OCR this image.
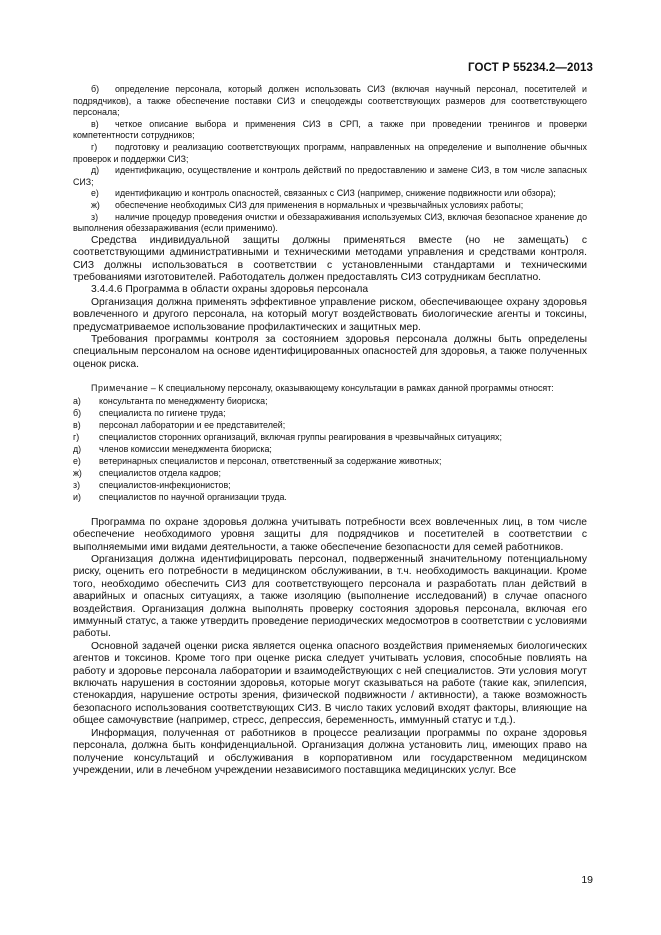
ГОСТ Р 55234.2—2013

б) определение персонала, который должен использовать СИЗ (включая научный персонал, посетителей и подрядчиков), а также обеспечение поставки СИЗ и спецодежды соответствующих размеров для соответствующего персонала;

в) четкое описание выбора и применения СИЗ в СРП, а также при проведении тренингов и проверки компетентности сотрудников;

г) подготовку и реализацию соответствующих программ, направленных на определение и выполнение обычных проверок и поддержки СИЗ;

д) идентификацию, осуществление и контроль действий по предоставлению и замене СИЗ, в том числе запасных СИЗ;

е) идентификацию и контроль опасностей, связанных с СИЗ (например, снижение подвижности или обзора);

ж) обеспечение необходимых СИЗ для применения в нормальных и чрезвычайных условиях работы;

з) наличие процедур проведения очистки и обеззараживания используемых СИЗ, включая безопасное хранение до выполнения обеззараживания (если применимо).

Средства индивидуальной защиты должны применяться вместе (но не замещать) с соответствующими административными и техническими методами управления и средствами контроля. СИЗ должны использоваться в соответствии с установленными стандартами и техническими требованиями изготовителей. Работодатель должен предоставлять СИЗ сотрудникам бесплатно.

3.4.4.6 Программа в области охраны здоровья персонала

Организация должна применять эффективное управление риском, обеспечивающее охрану здоровья вовлеченного и другого персонала, на который могут воздействовать биологические агенты и токсины, предусматриваемое использование профилактических и защитных мер.

Требования программы контроля за состоянием здоровья персонала должны быть определены специальным персоналом на основе идентифицированных опасностей для здоровья, а также полученных оценок риска.

Примечание – К специальному персоналу, оказывающему консультации в рамках данной программы относят:

а)	консультанта по менеджменту биориска;
б)	специалиста по гигиене труда;
в)	персонал лаборатории и ее представителей;
г)	специалистов сторонних организаций, включая группы реагирования в чрезвычайных ситуациях;
д)	членов комиссии менеджмента биориска;
е)	ветеринарных специалистов и персонал, ответственный за содержание животных;
ж)	специалистов отдела кадров;
з)	специалистов-инфекционистов;
и)	специалистов по научной организации труда.

Программа по охране здоровья должна учитывать потребности всех вовлеченных лиц, в том числе обеспечение необходимого уровня защиты для подрядчиков и посетителей в соответствии с выполняемыми ими видами деятельности, а также обеспечение безопасности для семей работников.

Организация должна идентифицировать персонал, подверженный значительному потенциальному риску, оценить его потребности в медицинском обслуживании, в т.ч. необходимость вакцинации. Кроме того, необходимо обеспечить СИЗ для соответствующего персонала и разработать план действий в аварийных и опасных ситуациях, а также изоляцию (выполнение исследований) в случае опасного воздействия. Организация должна выполнять проверку состояния здоровья персонала, включая его иммунный статус, а также утвердить проведение периодических медосмотров в соответствии с условиями работы.

Основной задачей оценки риска является оценка опасного воздействия применяемых биологических агентов и токсинов. Кроме того при оценке риска следует учитывать условия, способные повлиять на работу и здоровье персонала лаборатории и взаимодействующих с ней специалистов. Эти условия могут включать нарушения в состоянии здоровья, которые могут сказываться на работе (такие как, эпилепсия, стенокардия, нарушение остроты зрения, физической подвижности / активности), а также возможность безопасного использования соответствующих СИЗ. В число таких условий входят факторы, влияющие на общее самочувствие (например, стресс, депрессия, беременность, иммунный статус и т.д.).

Информация, полученная от работников в процессе реализации программы по охране здоровья персонала, должна быть конфиденциальной. Организация должна установить лиц, имеющих право на получение консультаций и обслуживания в корпоративном или государственном медицинском учреждении, или в лечебном учреждении независимого поставщика медицинских услуг. Все

19
